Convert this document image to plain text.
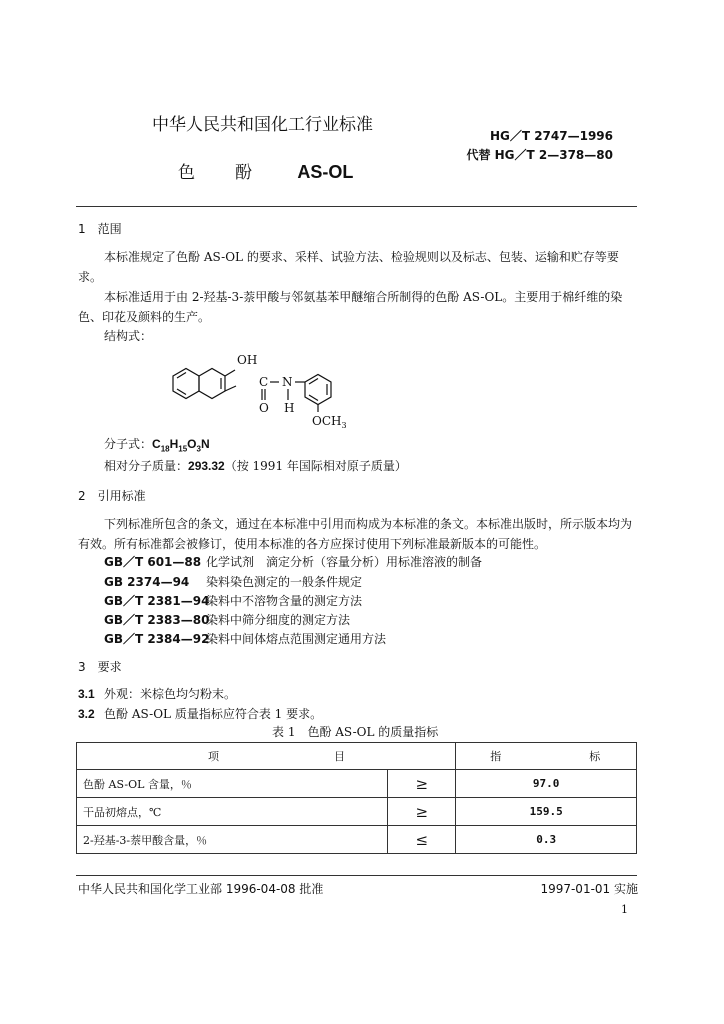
中华人民共和国化工行业标准
HG／T 2747—1996
代替 HG／T 2—378—80
色酚 AS-OL
1　范围
本标准规定了色酚 AS-OL 的要求、采样、试验方法、检验规则以及标志、包装、运输和贮存等要求。
本标准适用于由 2-羟基-3-萘甲酸与邻氨基苯甲醚缩合所制得的色酚 AS-OL。主要用于棉纤维的染色、印花及颜料的生产。
结构式：
OH
C N
O H
$OCH_3$
分子式：$C_{18}H_{15}O_3N$
相对分子质量：293.32（按 1991 年国际相对原子质量）
2　引用标准
下列标准所包含的条文，通过在本标准中引用而构成为本标准的条文。本标准出版时，所示版本均为有效。所有标准都会被修订，使用本标准的各方应探讨使用下列标准最新版本的可能性。
GB／T 601—88 化学试剂　滴定分析（容量分析）用标准溶液的制备
GB 2374—94 染料染色测定的一般条件规定
GB／T 2381—94染料中不溶物含量的测定方法
GB／T 2383—80染料中筛分细度的测定方法
GB／T 2384—92染料中间体熔点范围测定通用方法
3　要求
3.1 外观：米棕色均匀粉末。
3.2 色酚 AS-OL 质量指标应符合表 1 要求。
表 1　色酚 AS-OL 的质量指标
项 目		指 标
色酚 AS-OL 含量，％	≥	97.0
干品初熔点，℃	≥	159.5
2-羟基-3-萘甲酸含量，％	≤	0.3
中华人民共和国化学工业部 1996-04-08 批准	1997-01-01 实施
1
